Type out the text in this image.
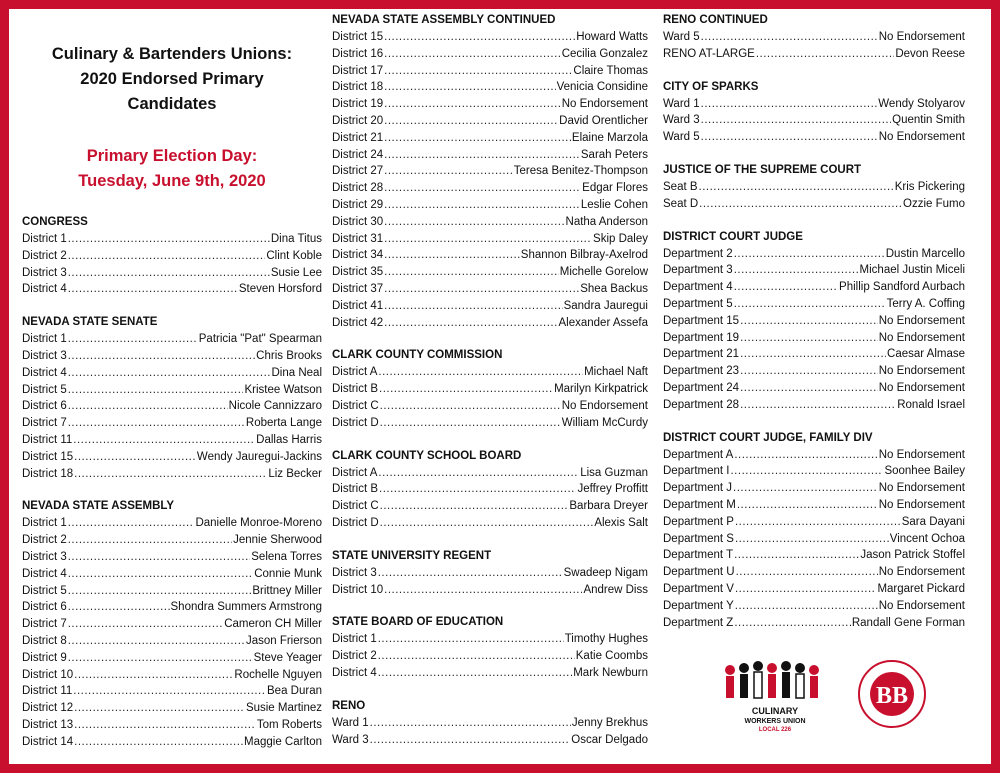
Culinary & Bartenders Unions:
2020 Endorsed Primary
Candidates
Primary Election Day:
Tuesday, June 9th, 2020
CONGRESS
District 1 .....	Dina Titus
District 2 .....	Clint Koble
District 3 .....	Susie Lee
District 4 .....	Steven Horsford
NEVADA STATE SENATE
District 1 .....	Patricia "Pat" Spearman
District 3 .....	Chris Brooks
District 4 .....	Dina Neal
District 5 .....	Kristee Watson
District 6 .....	Nicole Cannizzaro
District 7 .....	Roberta Lange
District 11 .....	Dallas Harris
District 15 .....	Wendy Jauregui-Jackins
District 18 .....	Liz Becker
NEVADA STATE ASSEMBLY
District 1 .....	Danielle Monroe-Moreno
District 2 .....	Jennie Sherwood
District 3 .....	Selena Torres
District 4 .....	Connie Munk
District 5 .....	Brittney Miller
District 6 .....	Shondra Summers Armstrong
District 7 .....	Cameron CH Miller
District 8 .....	Jason Frierson
District 9 .....	Steve Yeager
District 10 .....	Rochelle Nguyen
District 11 .....	Bea Duran
District 12 .....	Susie Martinez
District 13 .....	Tom Roberts
District 14 .....	Maggie Carlton
NEVADA STATE ASSEMBLY CONTINUED
District 15 .....	Howard Watts
District 16 .....	Cecilia Gonzalez
District 17 .....	Claire Thomas
District 18 .....	Venicia Considine
District 19 .....	No Endorsement
District 20 .....	David Orentlicher
District 21 .....	Elaine Marzola
District 24 .....	Sarah Peters
District 27 .....	Teresa Benitez-Thompson
District 28 .....	Edgar Flores
District 29 .....	Leslie Cohen
District 30 .....	Natha Anderson
District 31 .....	Skip Daley
District 34 .....	Shannon Bilbray-Axelrod
District 35 .....	Michelle Gorelow
District 37 .....	Shea Backus
District 41 .....	Sandra Jauregui
District 42 .....	Alexander Assefa
CLARK COUNTY COMMISSION
District A .....	Michael Naft
District B .....	Marilyn Kirkpatrick
District C .....	No Endorsement
District D .....	William McCurdy
CLARK COUNTY SCHOOL BOARD
District A .....	Lisa Guzman
District B .....	Jeffrey Proffitt
District C .....	Barbara Dreyer
District D .....	Alexis Salt
STATE UNIVERSITY REGENT
District 3 .....	Swadeep Nigam
District 10 .....	Andrew Diss
STATE BOARD OF EDUCATION
District 1 .....	Timothy Hughes
District 2 .....	Katie Coombs
District 4 .....	Mark Newburn
RENO
Ward 1 .....	Jenny Brekhus
Ward 3 .....	Oscar Delgado
RENO CONTINUED
Ward 5 .....	No Endorsement
RENO AT-LARGE .....	Devon Reese
CITY OF SPARKS
Ward 1 .....	Wendy Stolyarov
Ward 3 .....	Quentin Smith
Ward 5 .....	No Endorsement
JUSTICE OF THE SUPREME COURT
Seat B .....	Kris Pickering
Seat D .....	Ozzie Fumo
DISTRICT COURT JUDGE
Department 2 .....	Dustin Marcello
Department 3 .....	Michael Justin Miceli
Department 4 .....	Phillip Sandford Aurbach
Department 5 .....	Terry A. Coffing
Department 15 .....	No Endorsement
Department 19 .....	No Endorsement
Department 21 .....	Caesar Almase
Department 23 .....	No Endorsement
Department 24 .....	No Endorsement
Department 28 .....	Ronald Israel
DISTRICT COURT JUDGE, FAMILY DIV
Department A .....	No Endorsement
Department I .....	Soonhee Bailey
Department J .....	No Endorsement
Department M .....	No Endorsement
Department P .....	Sara Dayani
Department S .....	Vincent Ochoa
Department T .....	Jason Patrick Stoffel
Department U .....	No Endorsement
Department V .....	Margaret Pickard
Department Y .....	No Endorsement
Department Z .....	Randall Gene Forman
CULINARY
WORKERS UNION
LOCAL 226
BB
